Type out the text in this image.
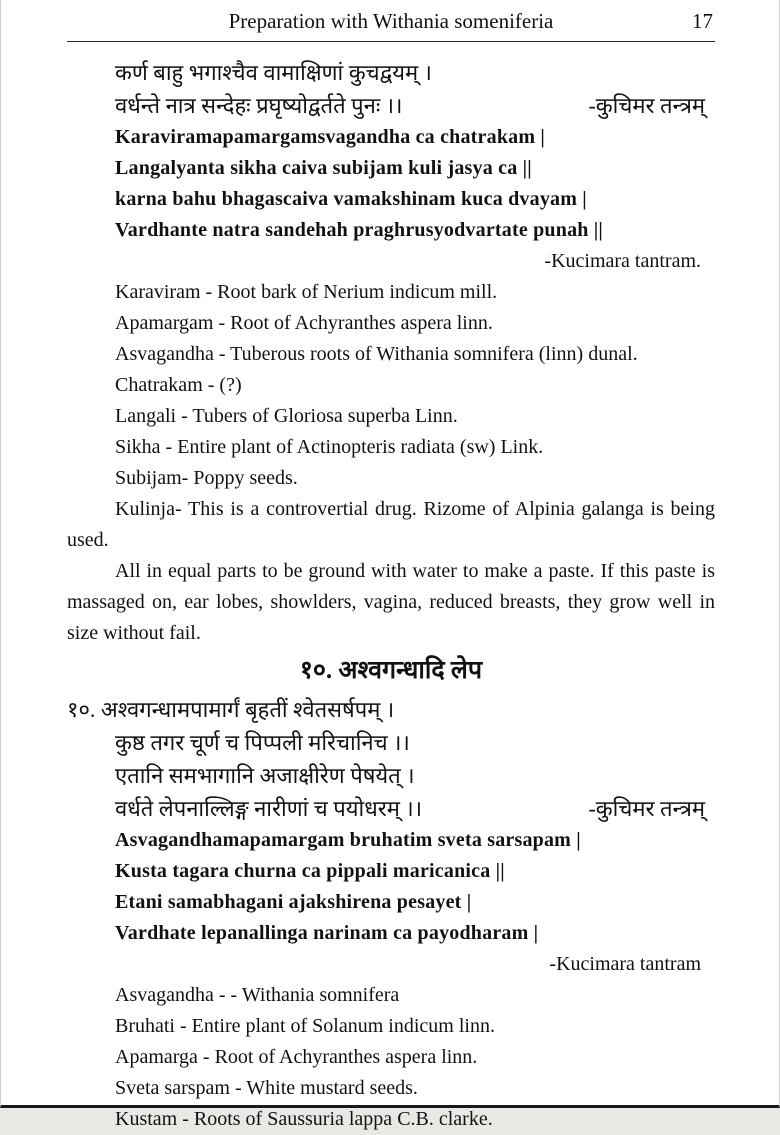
Preparation with Withania someniferia	17
कर्ण बाहु भगाश्चैव वामाक्षिणां कुचद्वयम् ।
वर्धन्ते नात्र सन्देहः प्रघृष्योद्वर्तते पुनः ।।	-कुचिमर तन्त्रम्
Karaviramapamargamsvagandha ca chatrakam |
Langalyanta sikha caiva subijam kuli jasya ca ||
karna bahu bhagascaiva vamakshinam kuca dvayam |
Vardhante natra sandehah praghrusyodvartate punah ||
-Kucimara tantram.
Karaviram - Root bark of Nerium indicum mill.
Apamargam - Root of Achyranthes aspera linn.
Asvagandha - Tuberous roots of Withania somnifera (linn) dunal.
Chatrakam - (?)
Langali - Tubers of Gloriosa superba Linn.
Sikha - Entire plant of Actinopteris radiata (sw) Link.
Subijam- Poppy seeds.
Kulinja- This is a controvertial drug. Rizome of Alpinia galanga is being used.
All in equal parts to be ground with water to make a paste. If this paste is massaged on, ear lobes, showlders, vagina, reduced breasts, they grow well in size without fail.
१०. अश्वगन्धादि लेप
१०. अश्वगन्धामपामार्गं बृहतीं श्वेतसर्षपम् ।
कुष्ठ तगर चूर्ण च पिप्पली मरिचानिच ।।
एतानि समभागानि अजाक्षीरेण पेषयेत् ।
वर्धते लेपनाल्लिङ्ग नारीणां च पयोधरम् ।।	-कुचिमर तन्त्रम्
Asvagandhamapamargam bruhatim sveta sarsapam |
Kusta tagara churna ca pippali maricanica ||
Etani samabhagani ajakshirena pesayet |
Vardhate lepanallinga narinam ca payodharam |
-Kucimara tantram
Asvagandha - - Withania somnifera
Bruhati - Entire plant of Solanum indicum linn.
Apamarga - Root of Achyranthes aspera linn.
Sveta sarspam - White mustard seeds.
Kustam - Roots of Saussuria lappa C.B. clarke.
